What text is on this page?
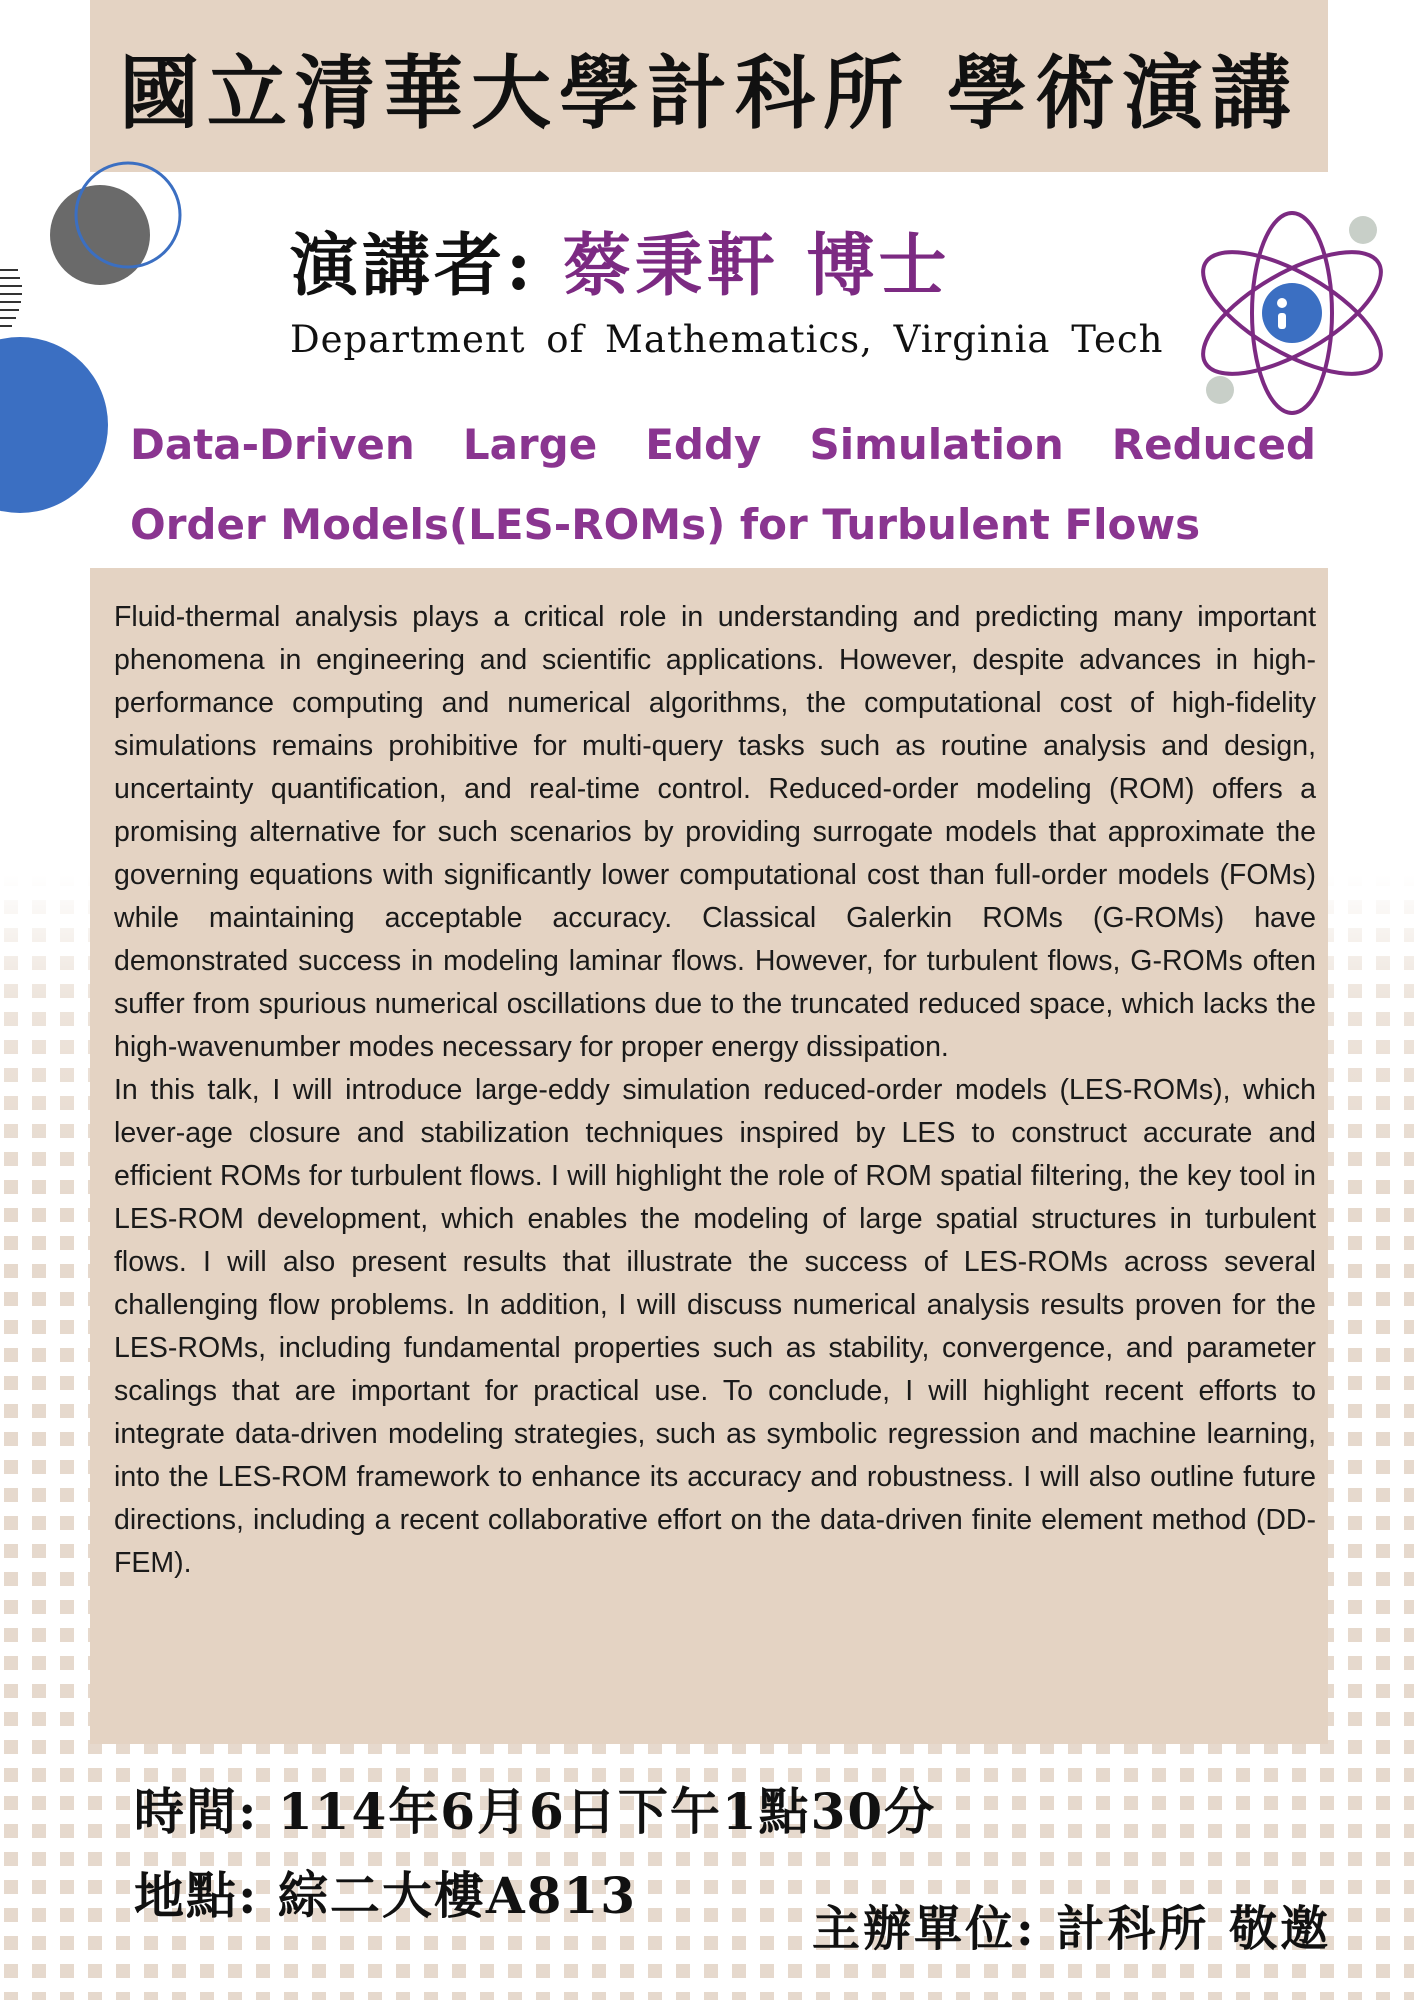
國立清華大學計科所 學術演講
演講者: 蔡秉軒 博士
Department of Mathematics, Virginia Tech
Data-Driven Large Eddy Simulation Reduced Order Models(LES-ROMs) for Turbulent Flows

Fluid-thermal analysis plays a critical role in understanding and predicting many important phenomena in engineering and scientific applications. However, despite advances in high-performance computing and numerical algorithms, the computational cost of high-fidelity simulations remains prohibitive for multi-query tasks such as routine analysis and design, uncertainty quantification, and real-time control. Reduced-order modeling (ROM) offers a promising alternative for such scenarios by providing surrogate models that approximate the governing equations with significantly lower computational cost than full-order models (FOMs) while maintaining acceptable accuracy. Classical Galerkin ROMs (G-ROMs) have demonstrated success in modeling laminar flows. However, for turbulent flows, G-ROMs often suffer from spurious numerical oscillations due to the truncated reduced space, which lacks the high-wavenumber modes necessary for proper energy dissipation.

In this talk, I will introduce large-eddy simulation reduced-order models (LES-ROMs), which lever-age closure and stabilization techniques inspired by LES to construct accurate and efficient ROMs for turbulent flows. I will highlight the role of ROM spatial filtering, the key tool in LES-ROM development, which enables the modeling of large spatial structures in turbulent flows. I will also present results that illustrate the success of LES-ROMs across several challenging flow problems. In addition, I will discuss numerical analysis results proven for the LES-ROMs, including fundamental properties such as stability, convergence, and parameter scalings that are important for practical use. To conclude, I will highlight recent efforts to integrate data-driven modeling strategies, such as symbolic regression and machine learning, into the LES-ROM framework to enhance its accuracy and robustness. I will also outline future directions, including a recent collaborative effort on the data-driven finite element method (DD-FEM).

時間: 114年6月6日下午1點30分
地點: 綜二大樓A813
主辦單位: 計科所 敬邀
